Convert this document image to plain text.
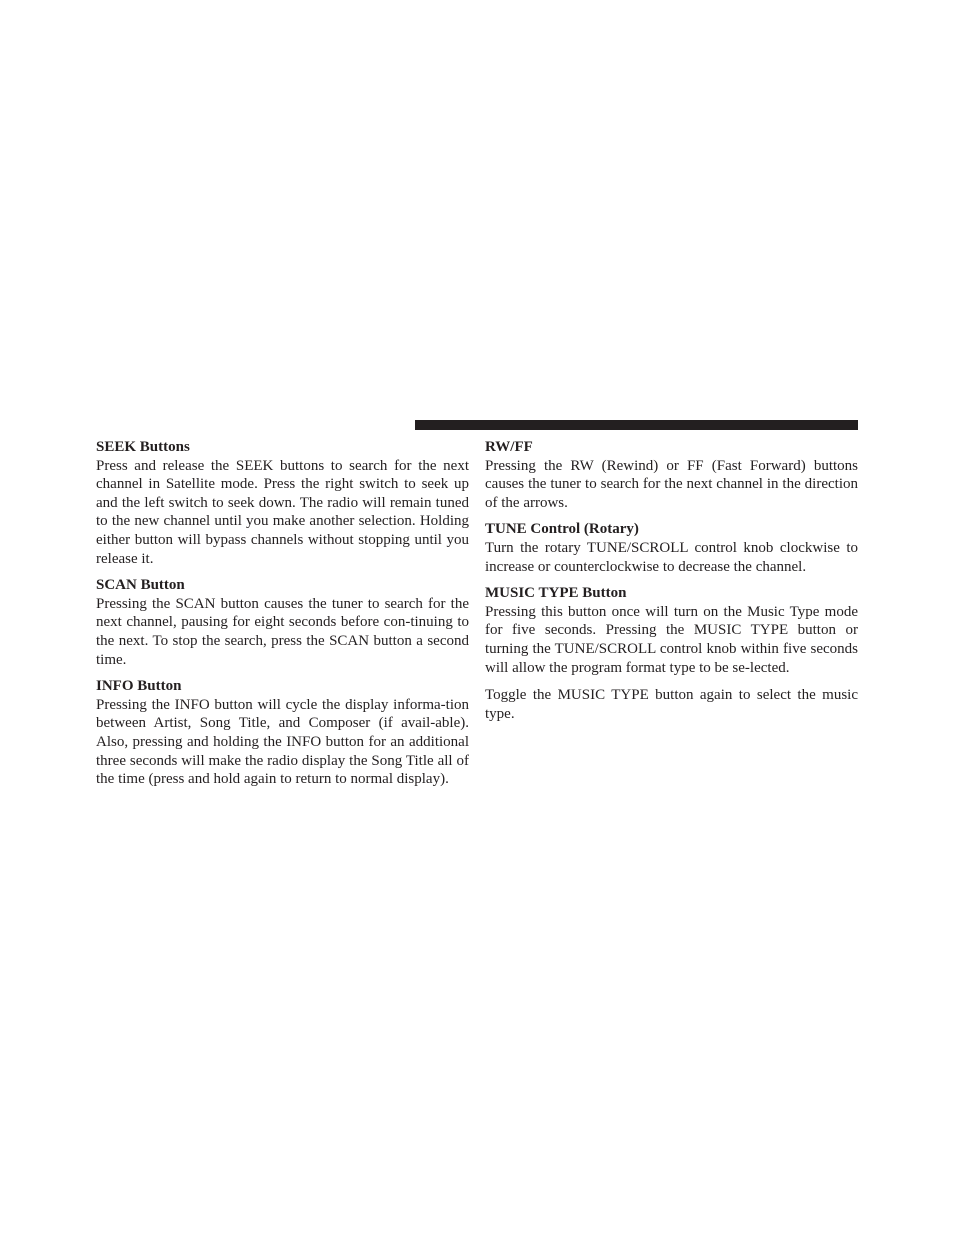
SEEK Buttons

Press and release the SEEK buttons to search for the next channel in Satellite mode. Press the right switch to seek up and the left switch to seek down. The radio will remain tuned to the new channel until you make another selection. Holding either button will bypass channels without stopping until you release it.

SCAN Button

Pressing the SCAN button causes the tuner to search for the next channel, pausing for eight seconds before con-tinuing to the next. To stop the search, press the SCAN button a second time.

INFO Button

Pressing the INFO button will cycle the display informa-tion between Artist, Song Title, and Composer (if avail-able). Also, pressing and holding the INFO button for an additional three seconds will make the radio display the Song Title all of the time (press and hold again to return to normal display).

RW/FF

Pressing the RW (Rewind) or FF (Fast Forward) buttons causes the tuner to search for the next channel in the direction of the arrows.

TUNE Control (Rotary)

Turn the rotary TUNE/SCROLL control knob clockwise to increase or counterclockwise to decrease the channel.

MUSIC TYPE Button

Pressing this button once will turn on the Music Type mode for five seconds. Pressing the MUSIC TYPE button or turning the TUNE/SCROLL control knob within five seconds will allow the program format type to be se-lected.

Toggle the MUSIC TYPE button again to select the music type.
